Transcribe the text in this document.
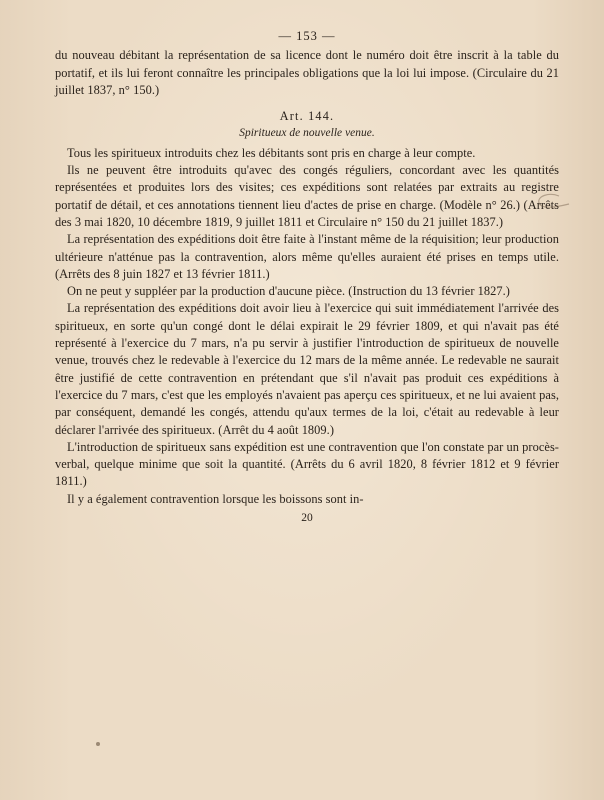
— 153 —

du nouveau débitant la représentation de sa licence dont le numéro doit être inscrit à la table du portatif, et ils lui feront connaître les principales obligations que la loi lui impose. (Circulaire du 21 juillet 1837, n° 150.)

Art. 144.
Spiritueux de nouvelle venue.

Tous les spiritueux introduits chez les débitants sont pris en charge à leur compte.

Ils ne peuvent être introduits qu'avec des congés réguliers, concordant avec les quantités représentées et produites lors des visites; ces expéditions sont relatées par extraits au registre portatif de détail, et ces annotations tiennent lieu d'actes de prise en charge. (Modèle n° 26.) (Arrêts des 3 mai 1820, 10 décembre 1819, 9 juillet 1811 et Circulaire n° 150 du 21 juillet 1837.)

La représentation des expéditions doit être faite à l'instant même de la réquisition; leur production ultérieure n'atténue pas la contravention, alors même qu'elles auraient été prises en temps utile. (Arrêts des 8 juin 1827 et 13 février 1811.)

On ne peut y suppléer par la production d'aucune pièce. (Instruction du 13 février 1827.)

La représentation des expéditions doit avoir lieu à l'exercice qui suit immédiatement l'arrivée des spiritueux, en sorte qu'un congé dont le délai expirait le 29 février 1809, et qui n'avait pas été représenté à l'exercice du 7 mars, n'a pu servir à justifier l'introduction de spiritueux de nouvelle venue, trouvés chez le redevable à l'exercice du 12 mars de la même année. Le redevable ne saurait être justifié de cette contravention en prétendant que s'il n'avait pas produit ces expéditions à l'exercice du 7 mars, c'est que les employés n'avaient pas aperçu ces spiritueux, et ne lui avaient pas, par conséquent, demandé les congés, attendu qu'aux termes de la loi, c'était au redevable à leur déclarer l'arrivée des spiritueux. (Arrêt du 4 août 1809.)

L'introduction de spiritueux sans expédition est une contravention que l'on constate par un procès-verbal, quelque minime que soit la quantité. (Arrêts du 6 avril 1820, 8 février 1812 et 9 février 1811.)

Il y a également contravention lorsque les boissons sont in-

20
